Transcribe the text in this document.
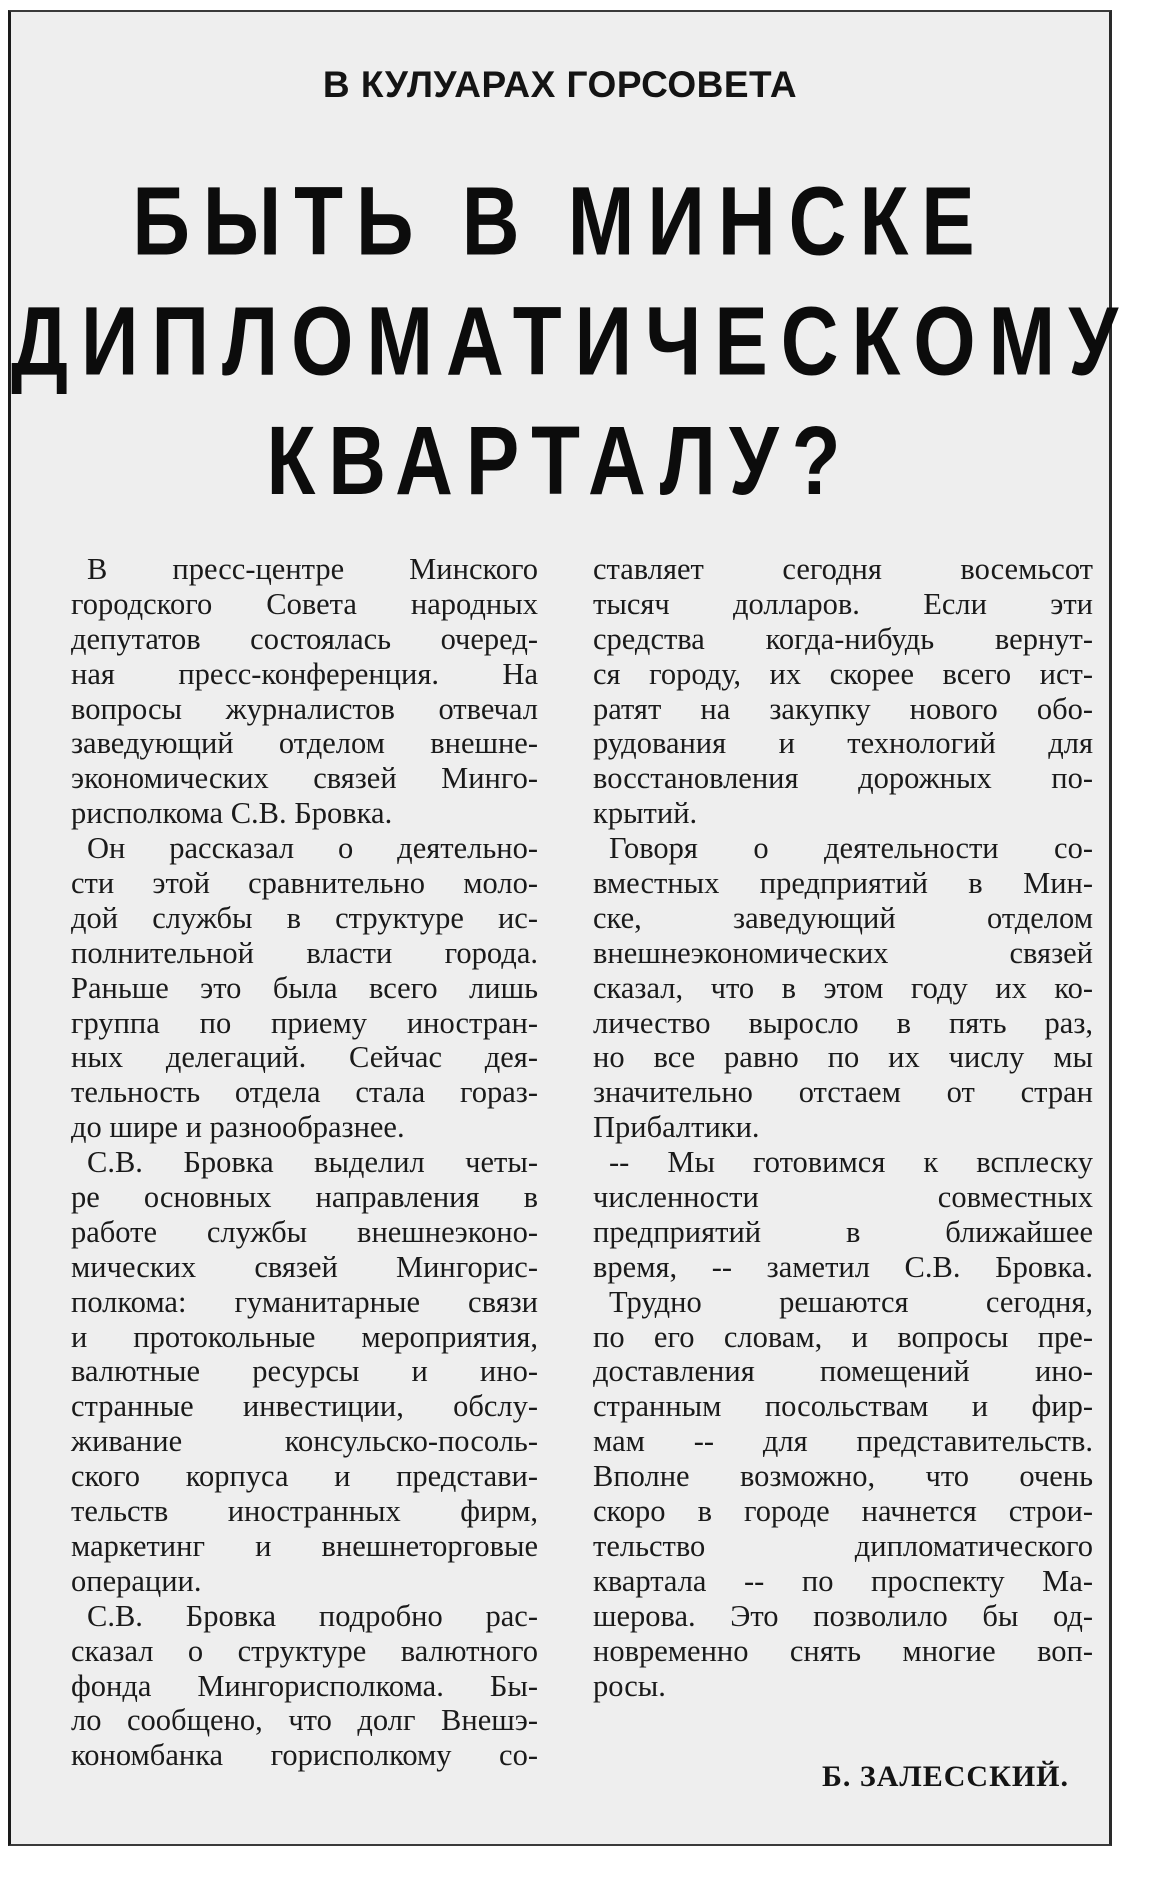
В КУЛУАРАХ ГОРСОВЕТА
БЫТЬ В МИНСКЕ
ДИПЛОМАТИЧЕСКОМУ
КВАРТАЛУ?
В пресс-центре Минского
городского Совета народных
депутатов состоялась очеред-
ная пресс-конференция. На
вопросы журналистов отвечал
заведующий отделом внешне-
экономических связей Минго-
рисполкома С.В. Бровка.
Он рассказал о деятельно-
сти этой сравнительно моло-
дой службы в структуре ис-
полнительной власти города.
Раньше это была всего лишь
группа по приему иностран-
ных делегаций. Сейчас дея-
тельность отдела стала горaз-
до шире и разнообразнее.
С.В. Бровка выделил четы-
ре основных направления в
работе службы внешнеэконо-
мических связей Мингорис-
полкома: гуманитарные связи
и протокольные мероприятия,
валютные ресурсы и ино-
странные инвестиции, обслу-
живание консульско-посоль-
ского корпуса и представи-
тельств иностранных фирм,
маркетинг и внешнеторговые
операции.
С.В. Бровка подробно рас-
сказал о структуре валютного
фонда Мингорисполкома. Бы-
ло сообщено, что долг Внешэ-
кономбанка горисполкому со-
ставляет сегодня восемьсот
тысяч долларов. Если эти
средства когда-нибудь вернут-
ся городу, их скорее всего ист-
ратят на закупку нового обо-
рудования и технологий для
восстановления дорожных по-
крытий.
Говоря о деятельности со-
вместных предприятий в Мин-
ске, заведующий отделом
внешнеэкономических связей
сказал, что в этом году их ко-
личество выросло в пять раз,
но все равно по их числу мы
значительно отстаем от стран
Прибалтики.
-- Мы готовимся к всплеску
численности совместных
предприятий в ближайшее
время, -- заметил С.В. Бровка.
Трудно решаются сегодня,
по его словам, и вопросы пре-
доставления помещений ино-
странным посольствам и фир-
мам -- для представительств.
Вполне возможно, что очень
скоро в городе начнется строи-
тельство дипломатического
квартала -- по проспекту Ма-
шерова. Это позволило бы од-
новременно снять многие воп-
росы.
Б. ЗАЛЕССКИЙ.
